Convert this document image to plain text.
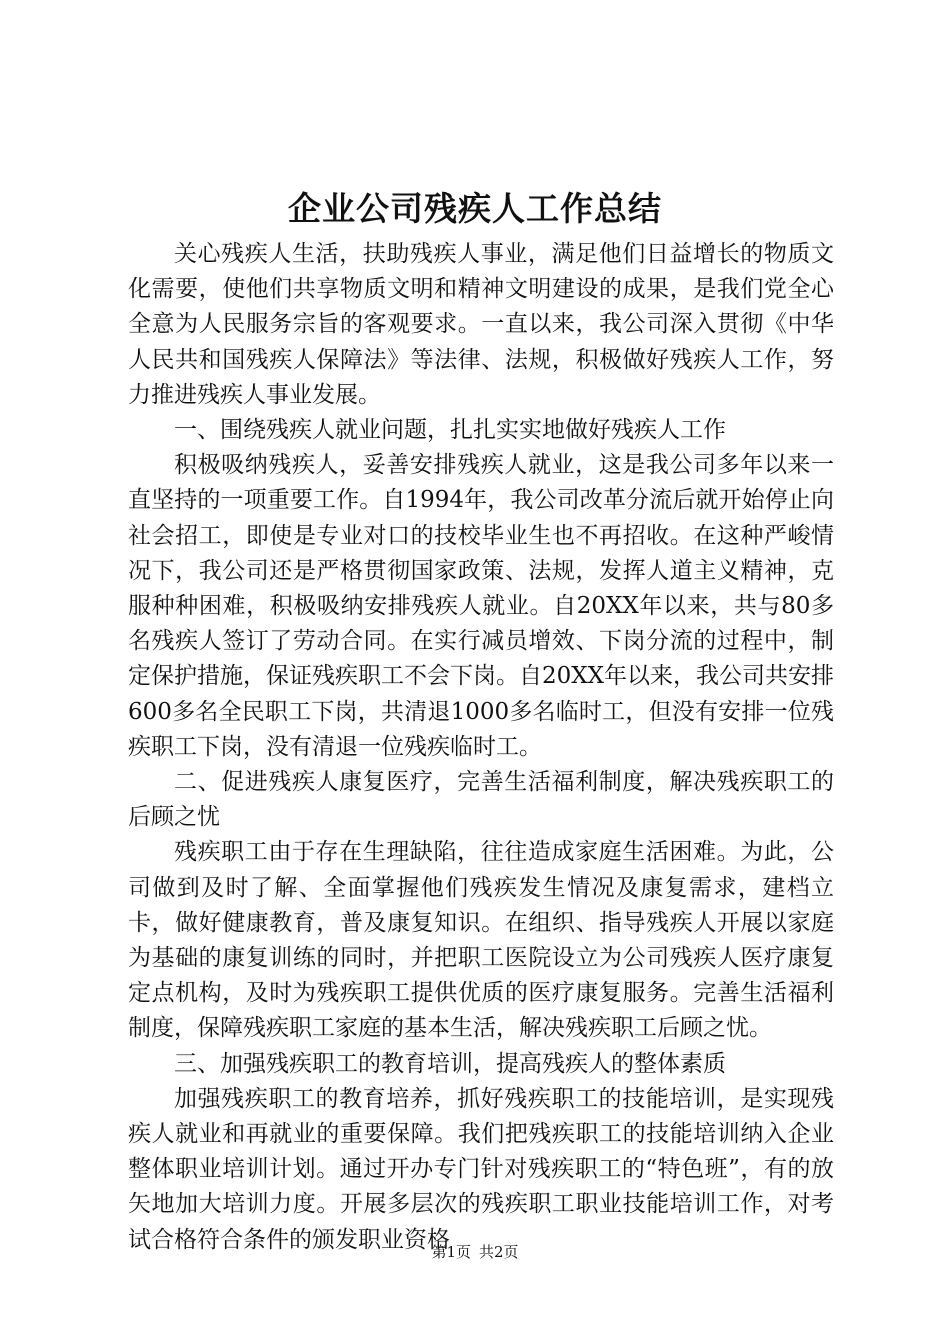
企业公司残疾人工作总结

关心残疾人生活，扶助残疾人事业，满足他们日益增长的物质文化需要，使他们共享物质文明和精神文明建设的成果，是我们党全心全意为人民服务宗旨的客观要求。一直以来，我公司深入贯彻《中华人民共和国残疾人保障法》等法律、法规，积极做好残疾人工作，努力推进残疾人事业发展。

一、围绕残疾人就业问题，扎扎实实地做好残疾人工作

积极吸纳残疾人，妥善安排残疾人就业，这是我公司多年以来一直坚持的一项重要工作。自1994年，我公司改革分流后就开始停止向社会招工，即使是专业对口的技校毕业生也不再招收。在这种严峻情况下，我公司还是严格贯彻国家政策、法规，发挥人道主义精神，克服种种困难，积极吸纳安排残疾人就业。自20XX年以来，共与80多名残疾人签订了劳动合同。在实行减员增效、下岗分流的过程中，制定保护措施，保证残疾职工不会下岗。自20XX年以来，我公司共安排600多名全民职工下岗，共清退1000多名临时工，但没有安排一位残疾职工下岗，没有清退一位残疾临时工。

二、促进残疾人康复医疗，完善生活福利制度，解决残疾职工的后顾之忧

残疾职工由于存在生理缺陷，往往造成家庭生活困难。为此，公司做到及时了解、全面掌握他们残疾发生情况及康复需求，建档立卡，做好健康教育，普及康复知识。在组织、指导残疾人开展以家庭为基础的康复训练的同时，并把职工医院设立为公司残疾人医疗康复定点机构，及时为残疾职工提供优质的医疗康复服务。完善生活福利制度，保障残疾职工家庭的基本生活，解决残疾职工后顾之忧。

三、加强残疾职工的教育培训，提高残疾人的整体素质

加强残疾职工的教育培养，抓好残疾职工的技能培训，是实现残疾人就业和再就业的重要保障。我们把残疾职工的技能培训纳入企业整体职业培训计划。通过开办专门针对残疾职工的“特色班”，有的放矢地加大培训力度。开展多层次的残疾职工职业技能培训工作，对考试合格符合条件的颁发职业资格

第1页 共2页
